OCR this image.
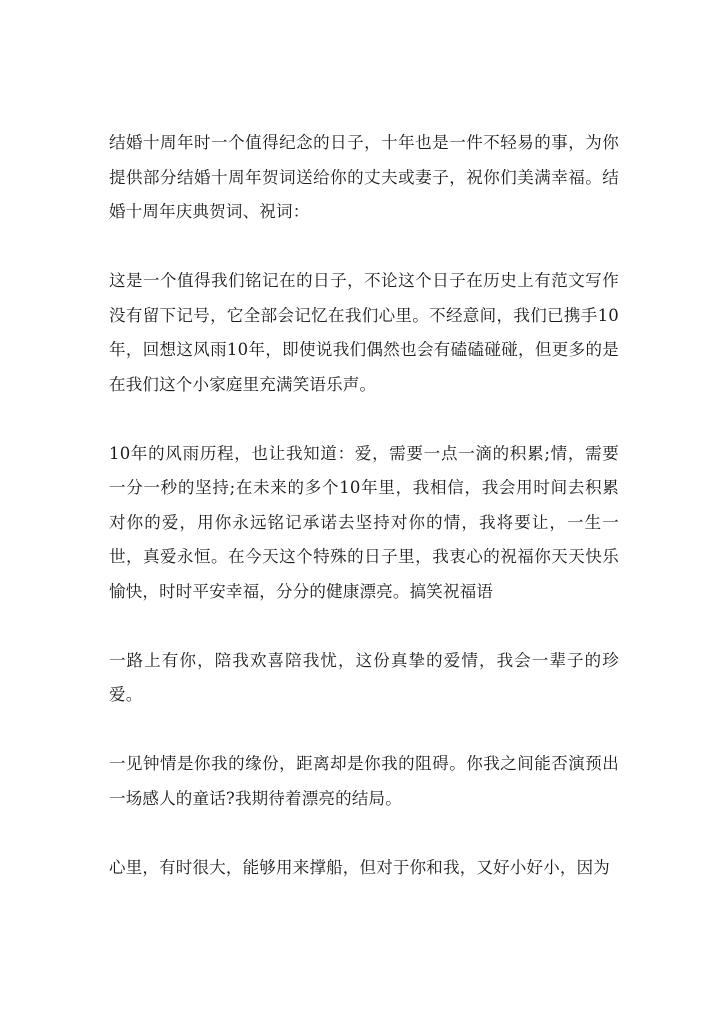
结婚十周年时一个值得纪念的日子，十年也是一件不轻易的事，为你提供部分结婚十周年贺词送给你的丈夫或妻子，祝你们美满幸福。结婚十周年庆典贺词、祝词：

这是一个值得我们铭记在的日子，不论这个日子在历史上有范文写作没有留下记号，它全部会记忆在我们心里。不经意间，我们已携手10年，回想这风雨10年，即使说我们偶然也会有磕磕碰碰，但更多的是在我们这个小家庭里充满笑语乐声。

10年的风雨历程，也让我知道：爱，需要一点一滴的积累;情，需要一分一秒的坚持;在未来的多个10年里，我相信，我会用时间去积累对你的爱，用你永远铭记承诺去坚持对你的情，我将要让，一生一世，真爱永恒。在今天这个特殊的日子里，我衷心的祝福你天天快乐愉快，时时平安幸福，分分的健康漂亮。搞笑祝福语

一路上有你，陪我欢喜陪我忧，这份真挚的爱情，我会一辈子的珍爱。

一见钟情是你我的缘份，距离却是你我的阻碍。你我之间能否演预出一场感人的童话?我期待着漂亮的结局。

心里，有时很大，能够用来撑船，但对于你和我，又好小好小，因为
